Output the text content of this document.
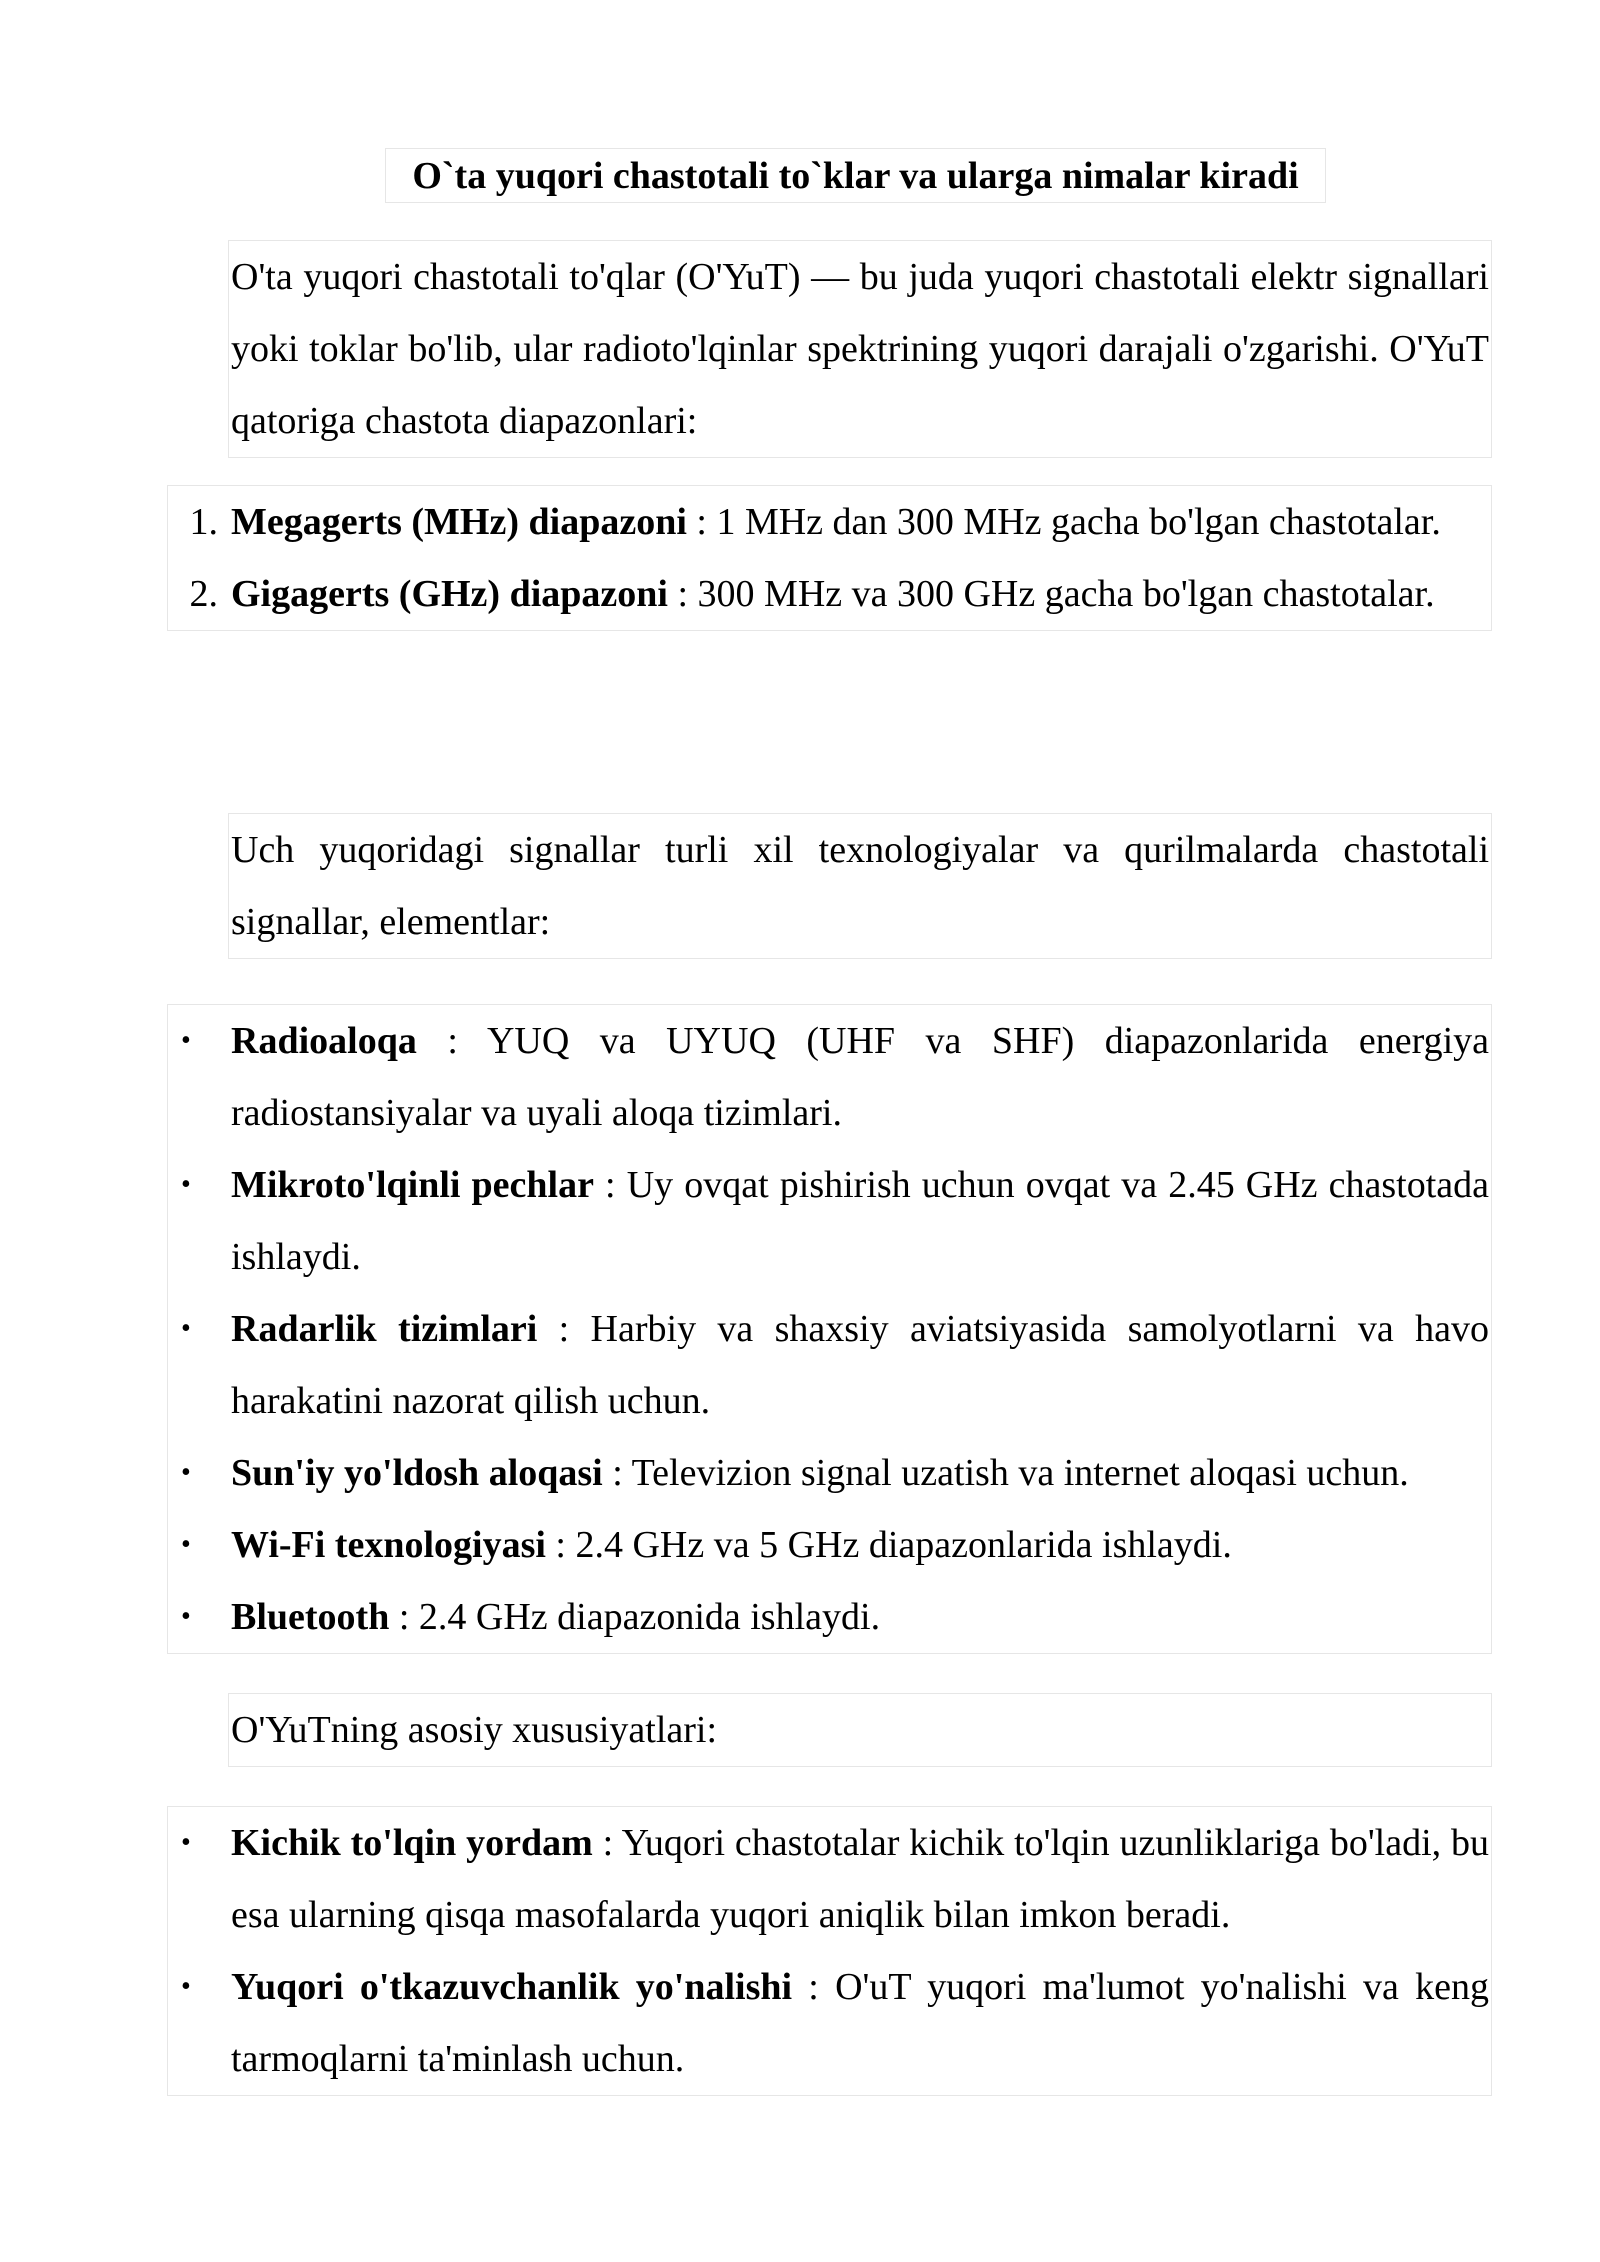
O`ta yuqori chastotali to`klar va ularga nimalar kiradi

O'ta yuqori chastotali to'qlar (O'YuT) — bu juda yuqori chastotali elektr signallari yoki toklar bo'lib, ular radioto'lqinlar spektrining yuqori darajali o'zgarishi. O'YuT qatoriga chastota diapazonlari:

1. Megagerts (MHz) diapazoni : 1 MHz dan 300 MHz gacha bo'lgan chastotalar.
2. Gigagerts (GHz) diapazoni : 300 MHz va 300 GHz gacha bo'lgan chastotalar.

Uch yuqoridagi signallar turli xil texnologiyalar va qurilmalarda chastotali signallar, elementlar:

• Radioaloqa : YUQ va UYUQ (UHF va SHF) diapazonlarida energiya radiostansiyalar va uyali aloqa tizimlari.
• Mikroto'lqinli pechlar : Uy ovqat pishirish uchun ovqat va 2.45 GHz chastotada ishlaydi.
• Radarlik tizimlari : Harbiy va shaxsiy aviatsiyasida samolyotlarni va havo harakatini nazorat qilish uchun.
• Sun'iy yo'ldosh aloqasi : Televizion signal uzatish va internet aloqasi uchun.
• Wi-Fi texnologiyasi : 2.4 GHz va 5 GHz diapazonlarida ishlaydi.
• Bluetooth : 2.4 GHz diapazonida ishlaydi.

O'YuTning asosiy xususiyatlari:

• Kichik to'lqin yordam : Yuqori chastotalar kichik to'lqin uzunliklariga bo'ladi, bu esa ularning qisqa masofalarda yuqori aniqlik bilan imkon beradi.
• Yuqori o'tkazuvchanlik yo'nalishi : O'uT yuqori ma'lumot yo'nalishi va keng tarmoqlarni ta'minlash uchun.
